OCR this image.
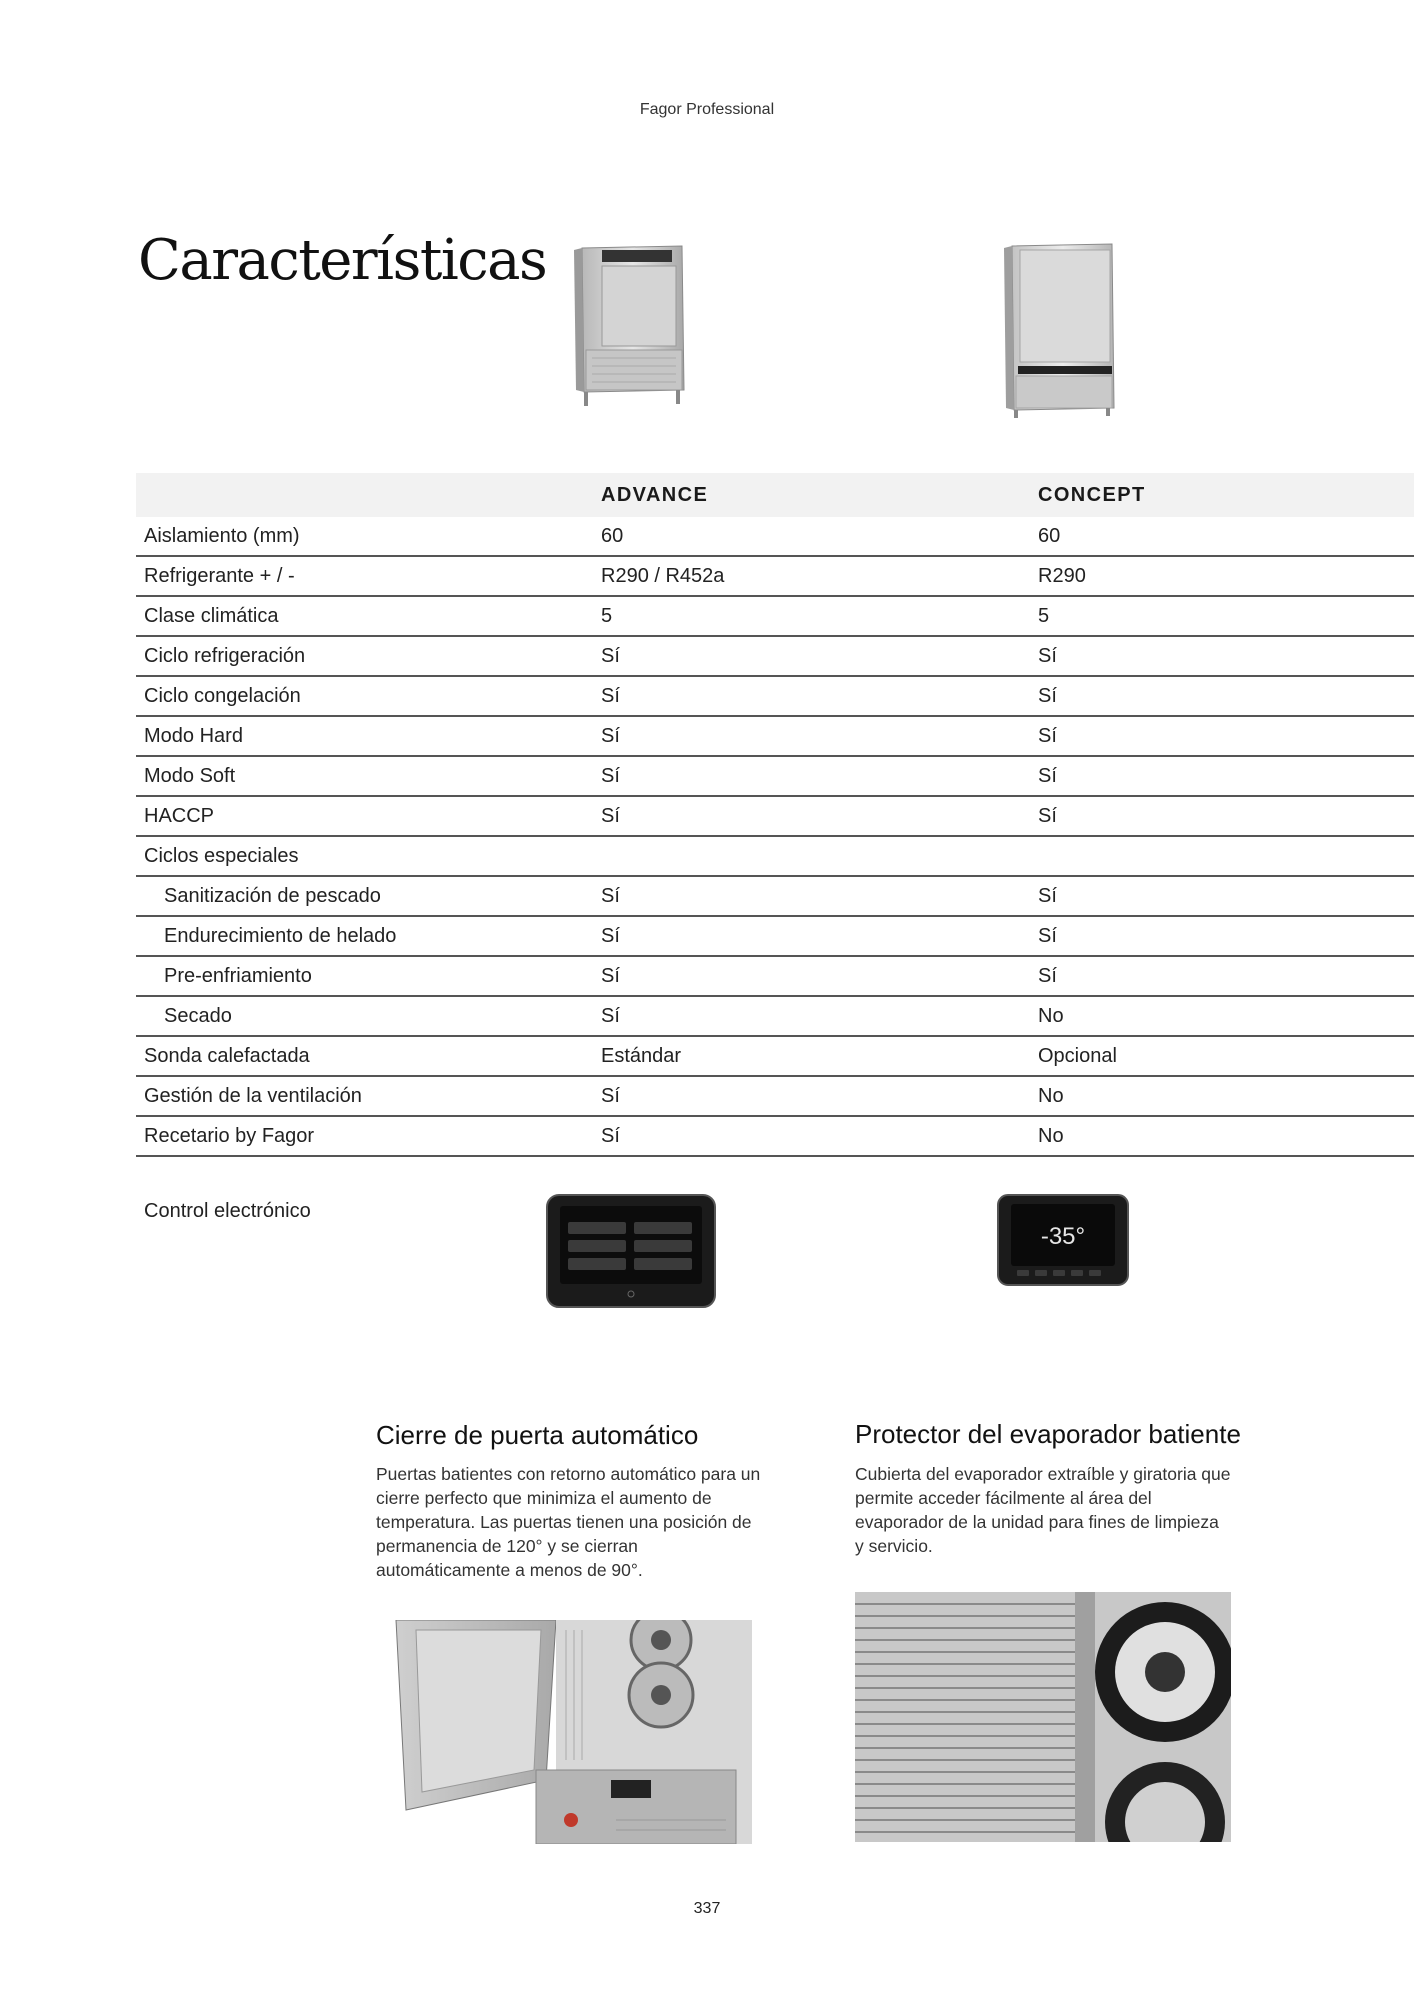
Fagor Professional
Características
	ADVANCE	CONCEPT
Aislamiento (mm)	60	60
Refrigerante + / -	R290 / R452a	R290
Clase climática	5	5
Ciclo refrigeración	Sí	Sí
Ciclo congelación	Sí	Sí
Modo Hard	Sí	Sí
Modo Soft	Sí	Sí
HACCP	Sí	Sí
Ciclos especiales		
Sanitización de pescado	Sí	Sí
Endurecimiento de helado	Sí	Sí
Pre-enfriamiento	Sí	Sí
Secado	Sí	No
Sonda calefactada	Estándar	Opcional
Gestión de la ventilación	Sí	No
Recetario by Fagor	Sí	No
Control electrónico
-35°
Cierre de puerta automático
Puertas batientes con retorno automático para un
cierre perfecto que minimiza el aumento de
temperatura. Las puertas tienen una posición de
permanencia de 120° y se cierran
automáticamente a menos de 90°.
Protector del evaporador batiente
Cubierta del evaporador extraíble y giratoria que
permite acceder fácilmente al área del
evaporador de la unidad para fines de limpieza
y servicio.
337
